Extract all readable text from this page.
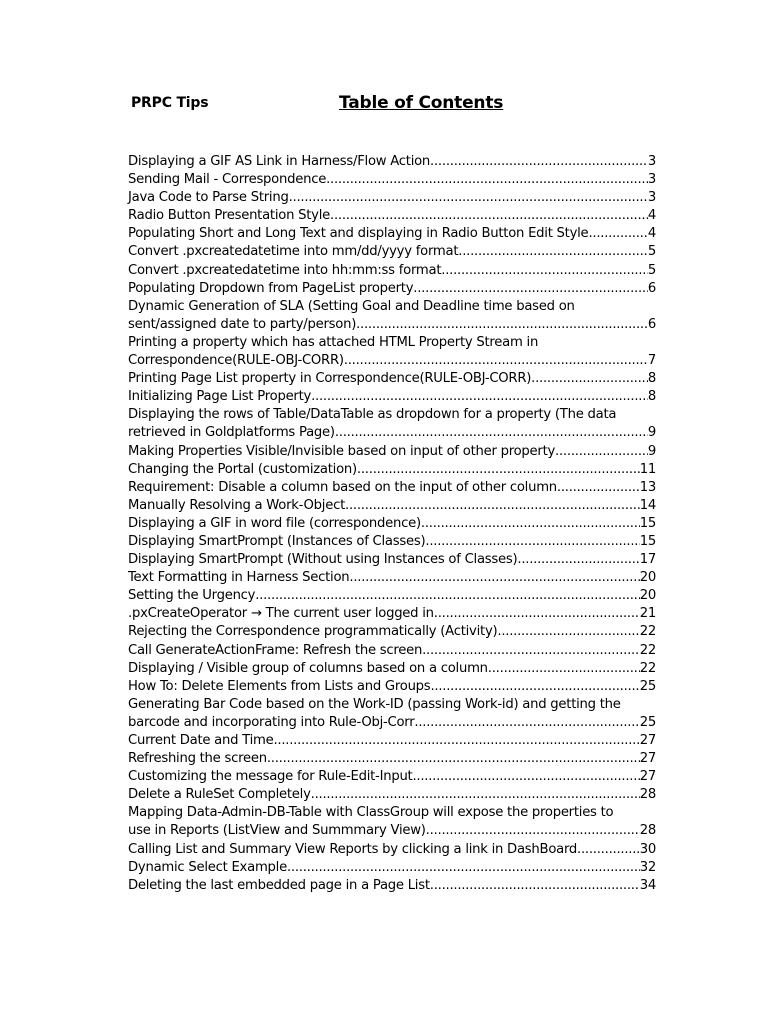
PRPC Tips	Table of Contents
Displaying a GIF AS Link in Harness/Flow Action .....	3
Sending Mail - Correspondence .....	3
Java Code to Parse String .....	3
Radio Button Presentation Style .....	4
Populating Short and Long Text and displaying in Radio Button Edit Style .....	4
Convert .pxcreatedatetime into mm/dd/yyyy format .....	5
Convert .pxcreatedatetime into hh:mm:ss format .....	5
Populating Dropdown from PageList property .....	6
Dynamic Generation of SLA (Setting Goal and Deadline time based on
sent/assigned date to party/person) .....	6
Printing a property which has attached HTML Property Stream in
Correspondence(RULE-OBJ-CORR) .....	7
Printing Page List property in Correspondence(RULE-OBJ-CORR) .....	8
Initializing Page List Property .....	8
Displaying the rows of Table/DataTable as dropdown for a property (The data
retrieved in Goldplatforms Page) .....	9
Making Properties Visible/Invisible based on input of other property .....	9
Changing the Portal (customization) .....	11
Requirement: Disable a column based on the input of other column .....	13
Manually Resolving a Work-Object .....	14
Displaying a GIF in word file (correspondence) .....	15
Displaying SmartPrompt (Instances of Classes) .....	15
Displaying SmartPrompt (Without using Instances of Classes) .....	17
Text Formatting in Harness Section .....	20
Setting the Urgency .....	20
.pxCreateOperator → The current user logged in .....	21
Rejecting the Correspondence programmatically (Activity) .....	22
Call GenerateActionFrame: Refresh the screen .....	22
Displaying / Visible group of columns based on a column .....	22
How To: Delete Elements from Lists and Groups .....	25
Generating Bar Code based on the Work-ID (passing Work-id) and getting the
barcode and incorporating into Rule-Obj-Corr .....	25
Current Date and Time .....	27
Refreshing the screen .....	27
Customizing the message for Rule-Edit-Input .....	27
Delete a RuleSet Completely .....	28
Mapping Data-Admin-DB-Table with ClassGroup will expose the properties to
use in Reports (ListView and Summmary View) .....	28
Calling List and Summary View Reports by clicking a link in DashBoard .....	30
Dynamic Select Example .....	32
Deleting the last embedded page in a Page List .....	34
